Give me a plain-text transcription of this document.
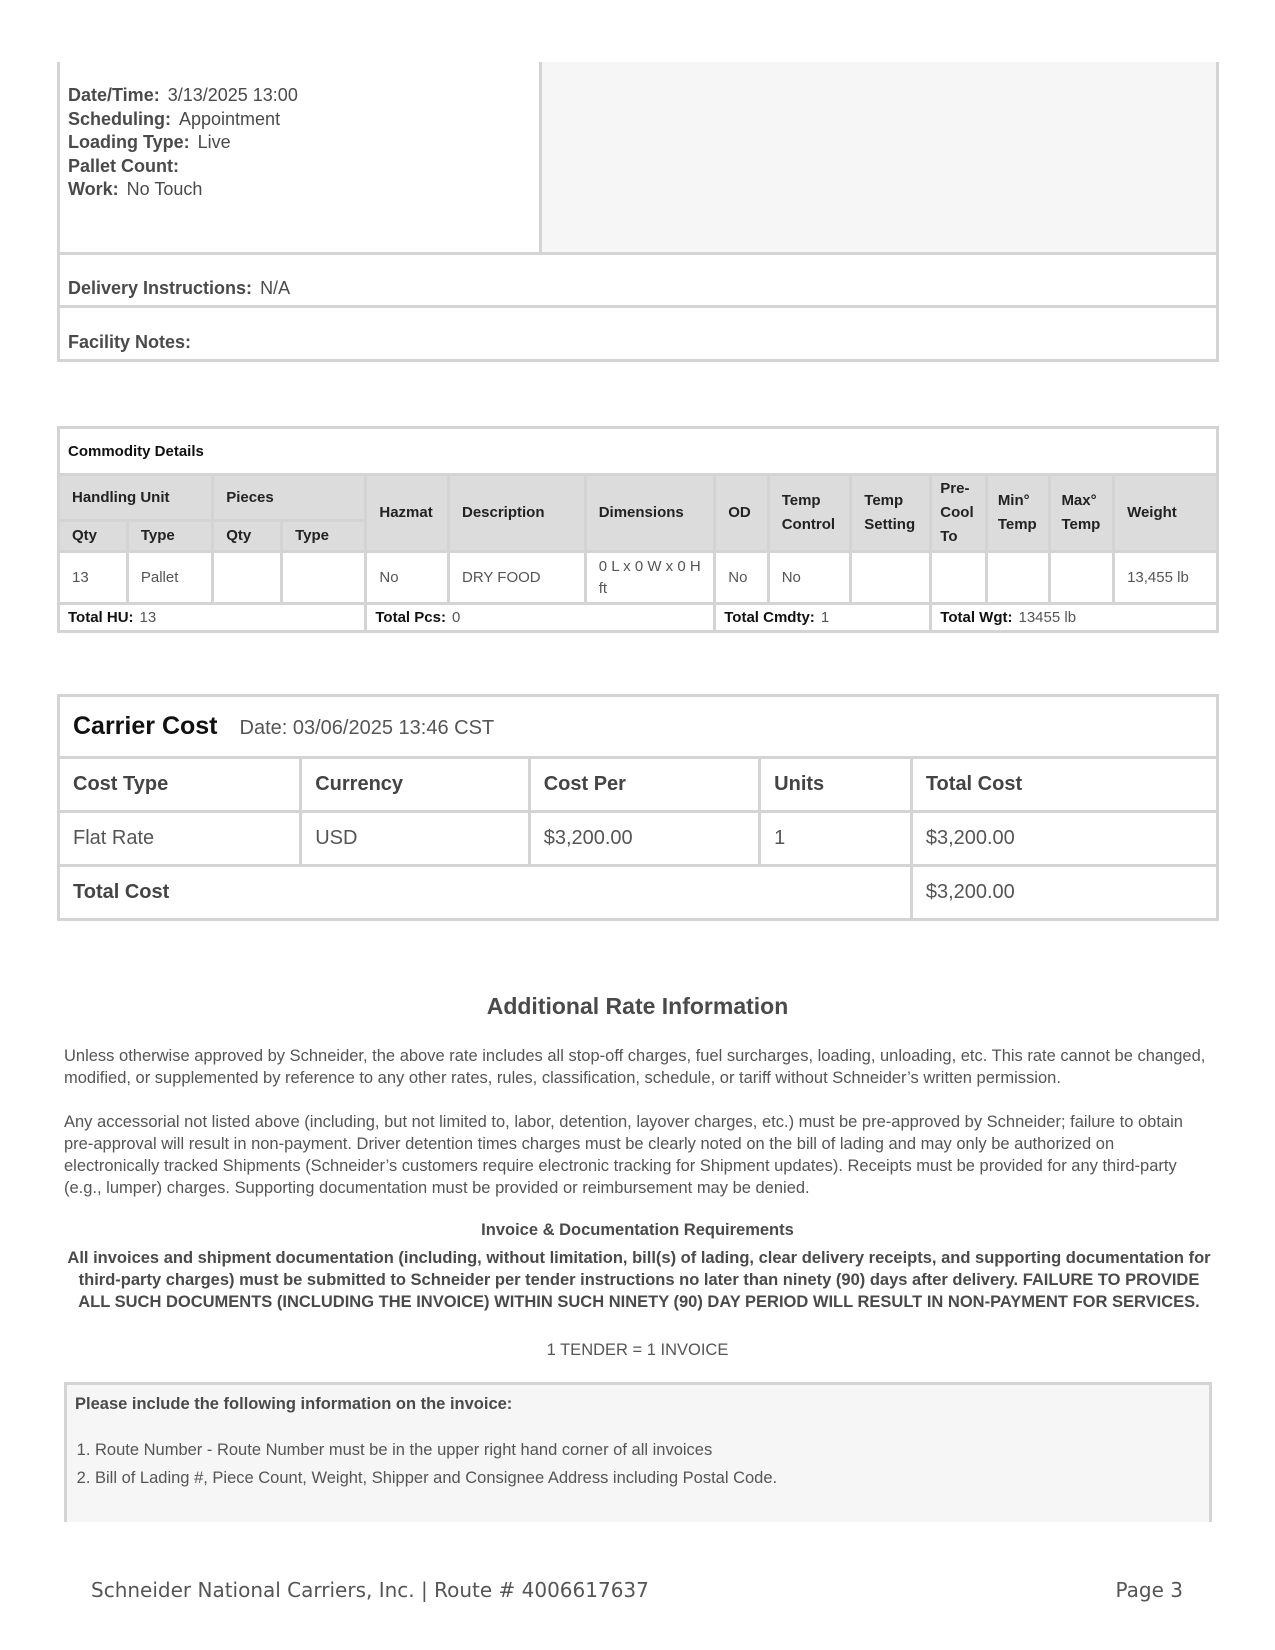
Date/Time: 3/13/2025 13:00
Scheduling: Appointment
Loading Type: Live
Pallet Count:
Work: No Touch
Delivery Instructions: N/A
Facility Notes:
Commodity Details													
Handling Unit		Pieces		Hazmat	Description	Dimensions	OD	Temp Control	Temp Setting	Pre-Cool To	Min° Temp	Max° Temp	Weight
Qty	Type	Qty	Type										
13	Pallet			No	DRY FOOD	0 L x 0 W x 0 H ft	No	No					13,455 lb
Total HU: 13				Total Pcs: 0			Total Cmdty: 1			Total Wgt: 13455 lb			
Carrier Cost Date: 03/06/2025 13:46 CST				
Cost Type	Currency	Cost Per	Units	Total Cost
Flat Rate	USD	$3,200.00	1	$3,200.00
Total Cost				$3,200.00
Additional Rate Information
Unless otherwise approved by Schneider, the above rate includes all stop-off charges, fuel surcharges, loading, unloading, etc. This rate cannot be changed, modified, or supplemented by reference to any other rates, rules, classification, schedule, or tariff without Schneider’s written permission.
Any accessorial not listed above (including, but not limited to, labor, detention, layover charges, etc.) must be pre-approved by Schneider; failure to obtain pre-approval will result in non-payment. Driver detention times charges must be clearly noted on the bill of lading and may only be authorized on electronically tracked Shipments (Schneider’s customers require electronic tracking for Shipment updates). Receipts must be provided for any third-party (e.g., lumper) charges. Supporting documentation must be provided or reimbursement may be denied.
Invoice & Documentation Requirements
All invoices and shipment documentation (including, without limitation, bill(s) of lading, clear delivery receipts, and supporting documentation for third-party charges) must be submitted to Schneider per tender instructions no later than ninety (90) days after delivery. FAILURE TO PROVIDE ALL SUCH DOCUMENTS (INCLUDING THE INVOICE) WITHIN SUCH NINETY (90) DAY PERIOD WILL RESULT IN NON-PAYMENT FOR SERVICES.
1 TENDER = 1 INVOICE
Please include the following information on the invoice:
1. Route Number - Route Number must be in the upper right hand corner of all invoices
2. Bill of Lading #, Piece Count, Weight, Shipper and Consignee Address including Postal Code.
Schneider National Carriers, Inc. | Route # 4006617637	Page 3
